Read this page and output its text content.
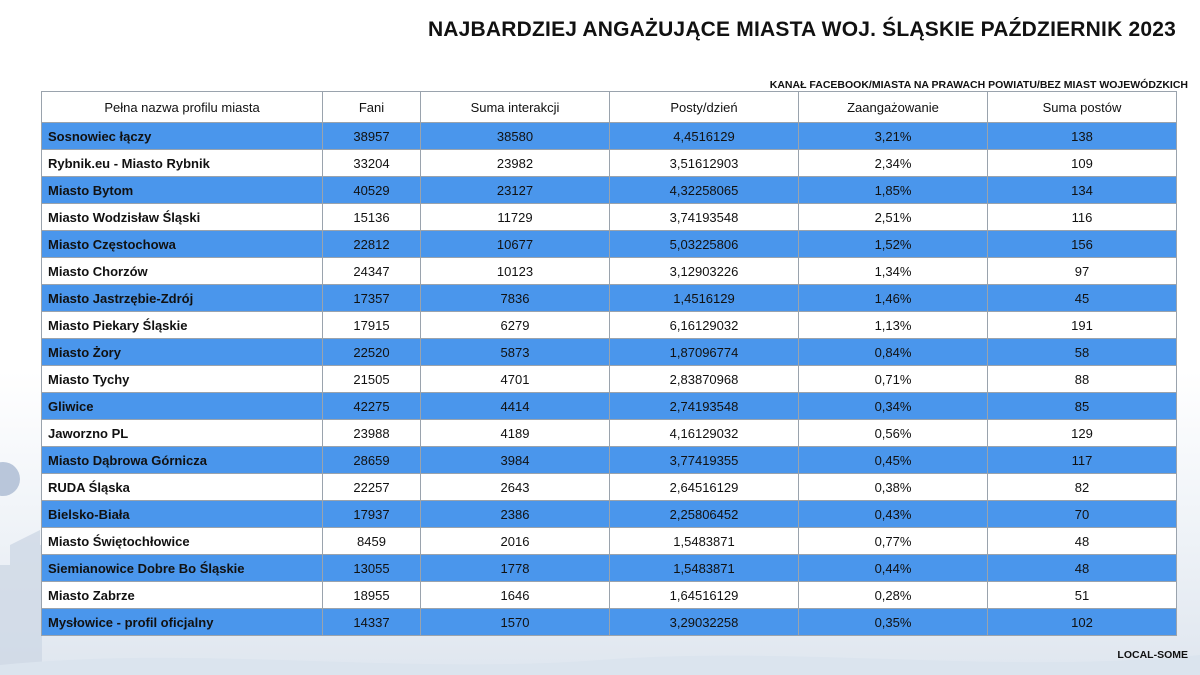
NAJBARDZIEJ ANGAŻUJĄCE MIASTA WOJ. ŚLĄSKIE PAŹDZIERNIK 2023
KANAŁ FACEBOOK/MIASTA NA PRAWACH POWIATU/BEZ MIAST WOJEWÓDZKICH
Pełna nazwa profilu miasta	Fani	Suma interakcji	Posty/dzień	Zaangażowanie	Suma postów
Sosnowiec łączy	38957	38580	4,4516129	3,21%	138
Rybnik.eu - Miasto Rybnik	33204	23982	3,51612903	2,34%	109
Miasto Bytom	40529	23127	4,32258065	1,85%	134
Miasto Wodzisław Śląski	15136	11729	3,74193548	2,51%	116
Miasto Częstochowa	22812	10677	5,03225806	1,52%	156
Miasto Chorzów	24347	10123	3,12903226	1,34%	97
Miasto Jastrzębie-Zdrój	17357	7836	1,4516129	1,46%	45
Miasto Piekary Śląskie	17915	6279	6,16129032	1,13%	191
Miasto Żory	22520	5873	1,87096774	0,84%	58
Miasto Tychy	21505	4701	2,83870968	0,71%	88
Gliwice	42275	4414	2,74193548	0,34%	85
Jaworzno PL	23988	4189	4,16129032	0,56%	129
Miasto Dąbrowa Górnicza	28659	3984	3,77419355	0,45%	117
RUDA Śląska	22257	2643	2,64516129	0,38%	82
Bielsko-Biała	17937	2386	2,25806452	0,43%	70
Miasto Świętochłowice	8459	2016	1,5483871	0,77%	48
Siemianowice Dobre Bo Śląskie	13055	1778	1,5483871	0,44%	48
Miasto Zabrze	18955	1646	1,64516129	0,28%	51
Mysłowice - profil oficjalny	14337	1570	3,29032258	0,35%	102
LOCAL-SOME
